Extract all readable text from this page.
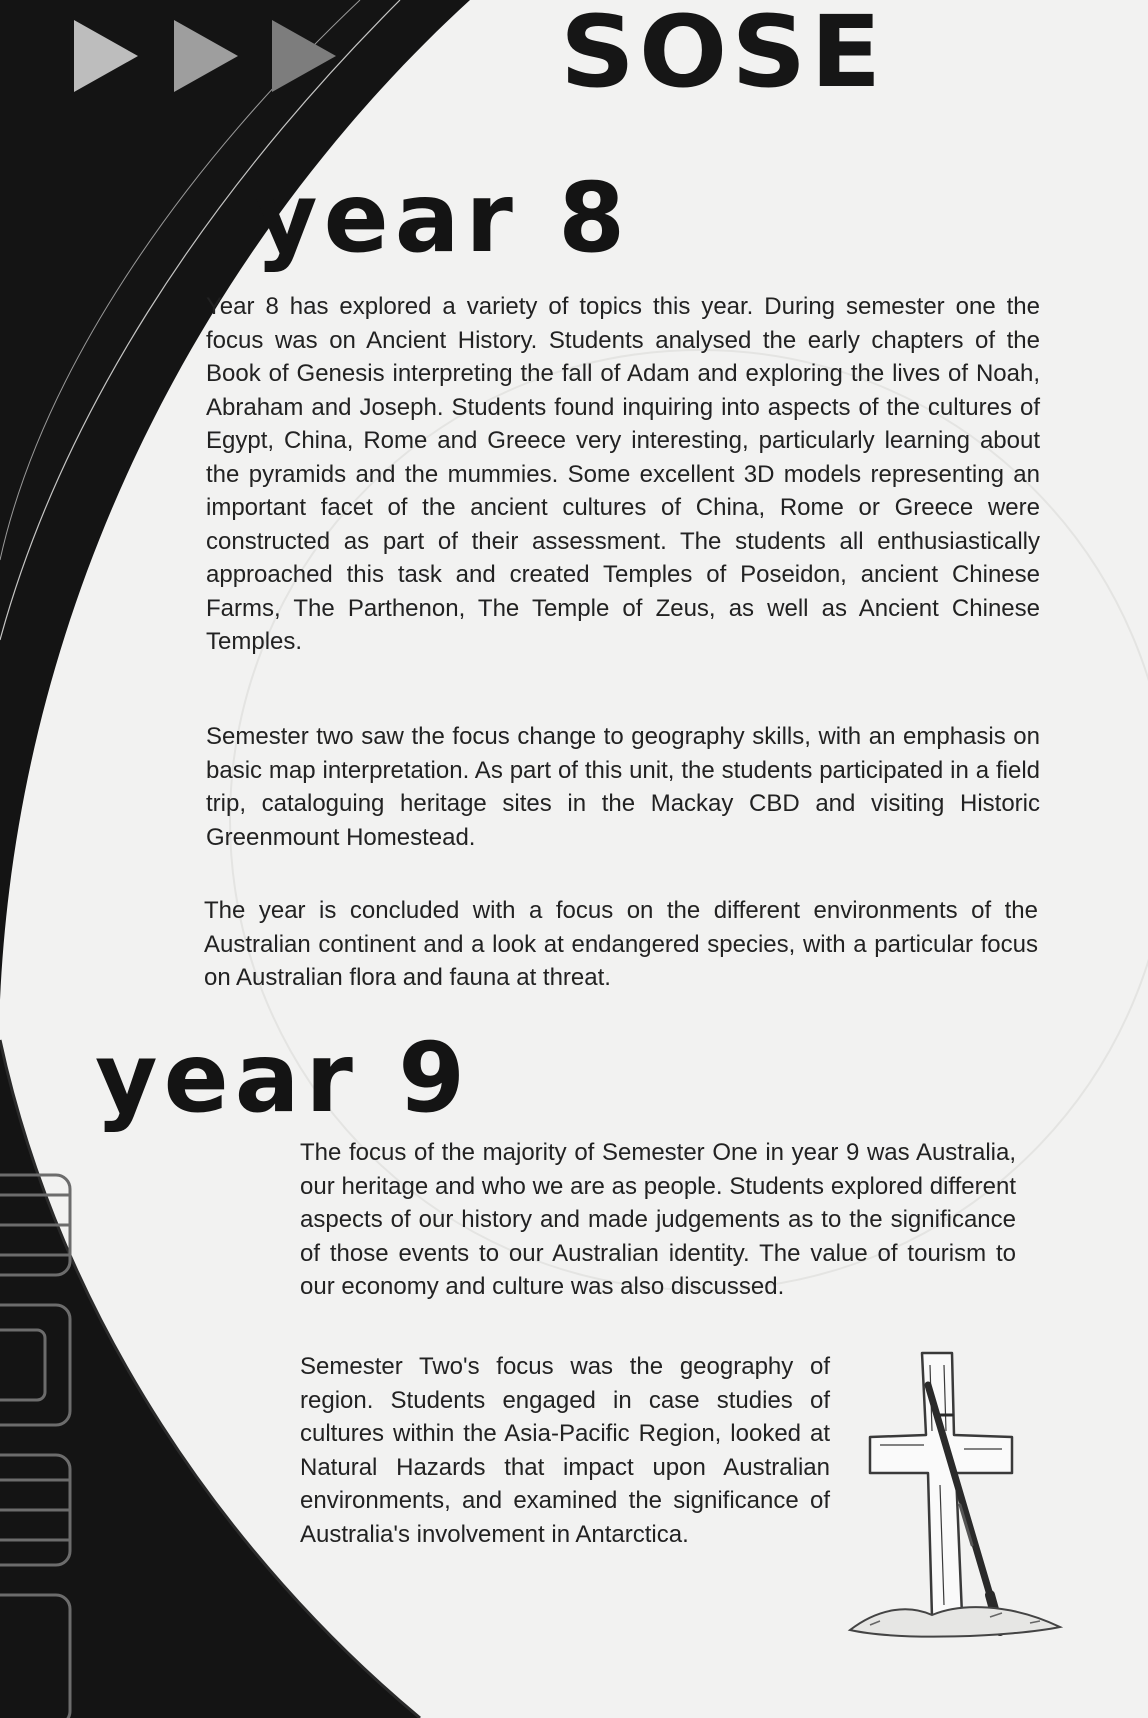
SOSE
year 8

Year 8 has explored a variety of topics this year. During semester one the focus was on Ancient History. Students analysed the early chapters of the Book of Genesis interpreting the fall of Adam and exploring the lives of Noah, Abraham and Joseph. Students found inquiring into aspects of the cultures of Egypt, China, Rome and Greece very interesting, particularly learning about the pyramids and the mummies. Some excellent 3D models representing an important facet of the ancient cultures of China, Rome or Greece were constructed as part of their assessment. The students all enthusiastically approached this task and created Temples of Poseidon, ancient Chinese Farms, The Parthenon, The Temple of Zeus, as well as Ancient Chinese Temples.

Semester two saw the focus change to geography skills, with an emphasis on basic map interpretation. As part of this unit, the students participated in a field trip, cataloguing heritage sites in the Mackay CBD and visiting Historic Greenmount Homestead.

The year is concluded with a focus on the different environments of the Australian continent and a look at endangered species, with a particular focus on Australian flora and fauna at threat.

year 9

The focus of the majority of Semester One in year 9 was Australia, our heritage and who we are as people. Students explored different aspects of our history and made judgements as to the significance of those events to our Australian identity. The value of tourism to our economy and culture was also discussed.

Semester Two's focus was the geography of region. Students engaged in case studies of cultures within the Asia-Pacific Region, looked at Natural Hazards that impact upon Australian environments, and examined the significance of Australia's involvement in Antarctica.
